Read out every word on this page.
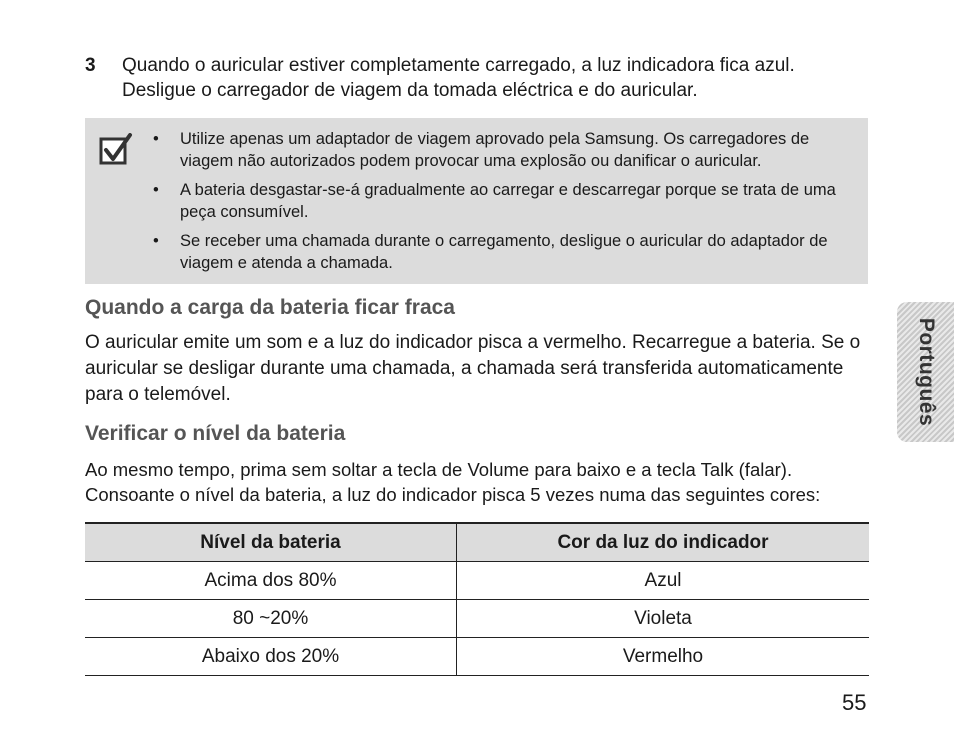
3 Quando o auricular estiver completamente carregado, a luz indicadora fica azul. Desligue o carregador de viagem da tomada eléctrica e do auricular.
• Utilize apenas um adaptador de viagem aprovado pela Samsung. Os carregadores de viagem não autorizados podem provocar uma explosão ou danificar o auricular.
• A bateria desgastar-se-á gradualmente ao carregar e descarregar porque se trata de uma peça consumível.
• Se receber uma chamada durante o carregamento, desligue o auricular do adaptador de viagem e atenda a chamada.
Quando a carga da bateria ficar fraca
O auricular emite um som e a luz do indicador pisca a vermelho. Recarregue a bateria. Se o auricular se desligar durante uma chamada, a chamada será transferida automaticamente para o telemóvel.
Verificar o nível da bateria
Ao mesmo tempo, prima sem soltar a tecla de Volume para baixo e a tecla Talk (falar). Consoante o nível da bateria, a luz do indicador pisca 5 vezes numa das seguintes cores:
Nível da bateria	Cor da luz do indicador
Acima dos 80%	Azul
80 ~20%	Violeta
Abaixo dos 20%	Vermelho
Português
55
